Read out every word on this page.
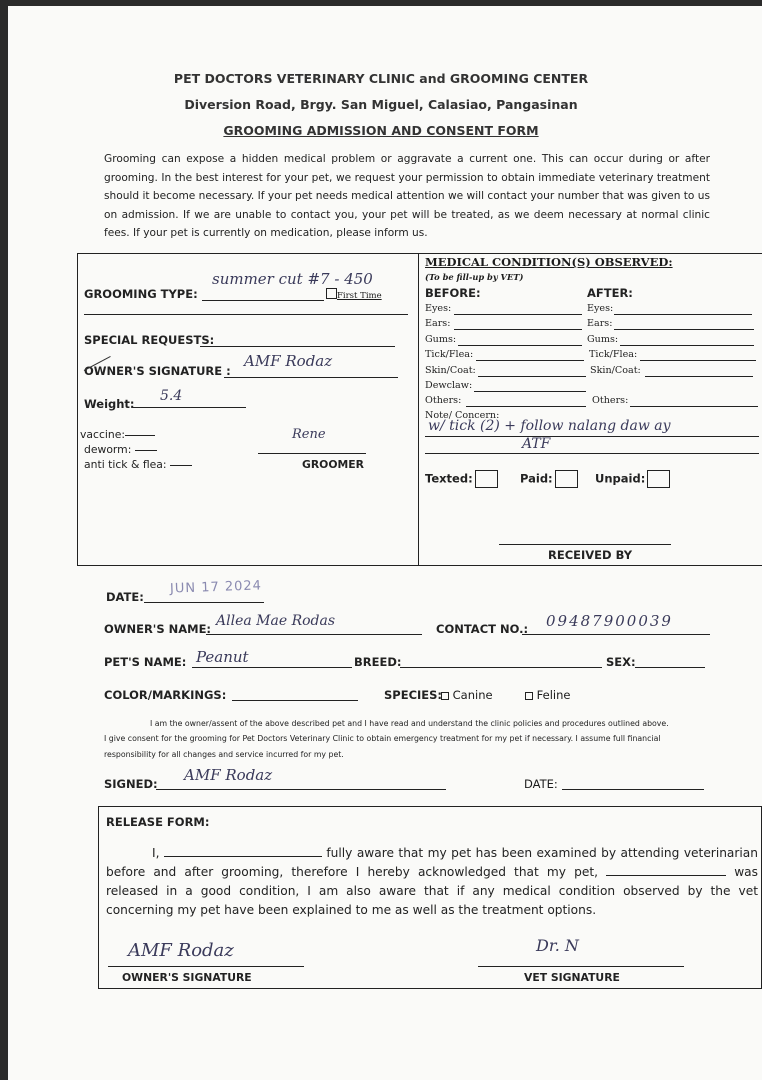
PET DOCTORS VETERINARY CLINIC and GROOMING CENTER
Diversion Road, Brgy. San Miguel, Calasiao, Pangasinan
GROOMING ADMISSION AND CONSENT FORM
Grooming can expose a hidden medical problem or aggravate a current one. This can occur during or after grooming. In the best interest for your pet, we request your permission to obtain immediate veterinary treatment should it become necessary. If your pet needs medical attention we will contact your number that was given to us on admission. If we are unable to contact you, your pet will be treated, as we deem necessary at normal clinic fees. If your pet is currently on medication, please inform us.
GROOMING TYPE:
summer cut #7 - 450
First Time
SPECIAL REQUESTS:
OWNER'S SIGNATURE :
AMF Rodaz
Weight: 5.4
vaccine:
deworm:
anti tick & flea:
Rene
GROOMER
MEDICAL CONDITION(S) OBSERVED:
(To be fill-up by VET)
BEFORE:	AFTER:
Eyes:	Eyes:
Ears:	Ears:
Gums:	Gums:
Tick/Flea:	Tick/Flea:
Skin/Coat:	Skin/Coat:
Dewclaw:
Others:	Others:
Note/ Concern:
w/ tick (2) + follow nalang daw ay
ATF
Texted:	Paid:	Unpaid:
RECEIVED BY
DATE:
JUN 17 2024
OWNER'S NAME: Allea Mae Rodas	CONTACT NO.: 09487900039
PET'S NAME: Peanut	BREED:	SEX:
COLOR/MARKINGS:	SPECIES: Canine	Feline
I am the owner/assent of the above described pet and I have read and understand the clinic policies and procedures outlined above.
I give consent for the grooming for Pet Doctors Veterinary Clinic to obtain emergency treatment for my pet if necessary. I assume full financial responsibility for all changes and service incurred for my pet.
SIGNED: AMF Rodaz	DATE:
RELEASE FORM:
I,	fully aware that my pet has been examined by attending veterinarian before and after grooming, therefore I hereby acknowledged that my pet,	was released in a good condition, I am also aware that if any medical condition observed by the vet concerning my pet have been explained to me as well as the treatment options.
AMF Rodaz
OWNER'S SIGNATURE
Dr. N
VET SIGNATURE
